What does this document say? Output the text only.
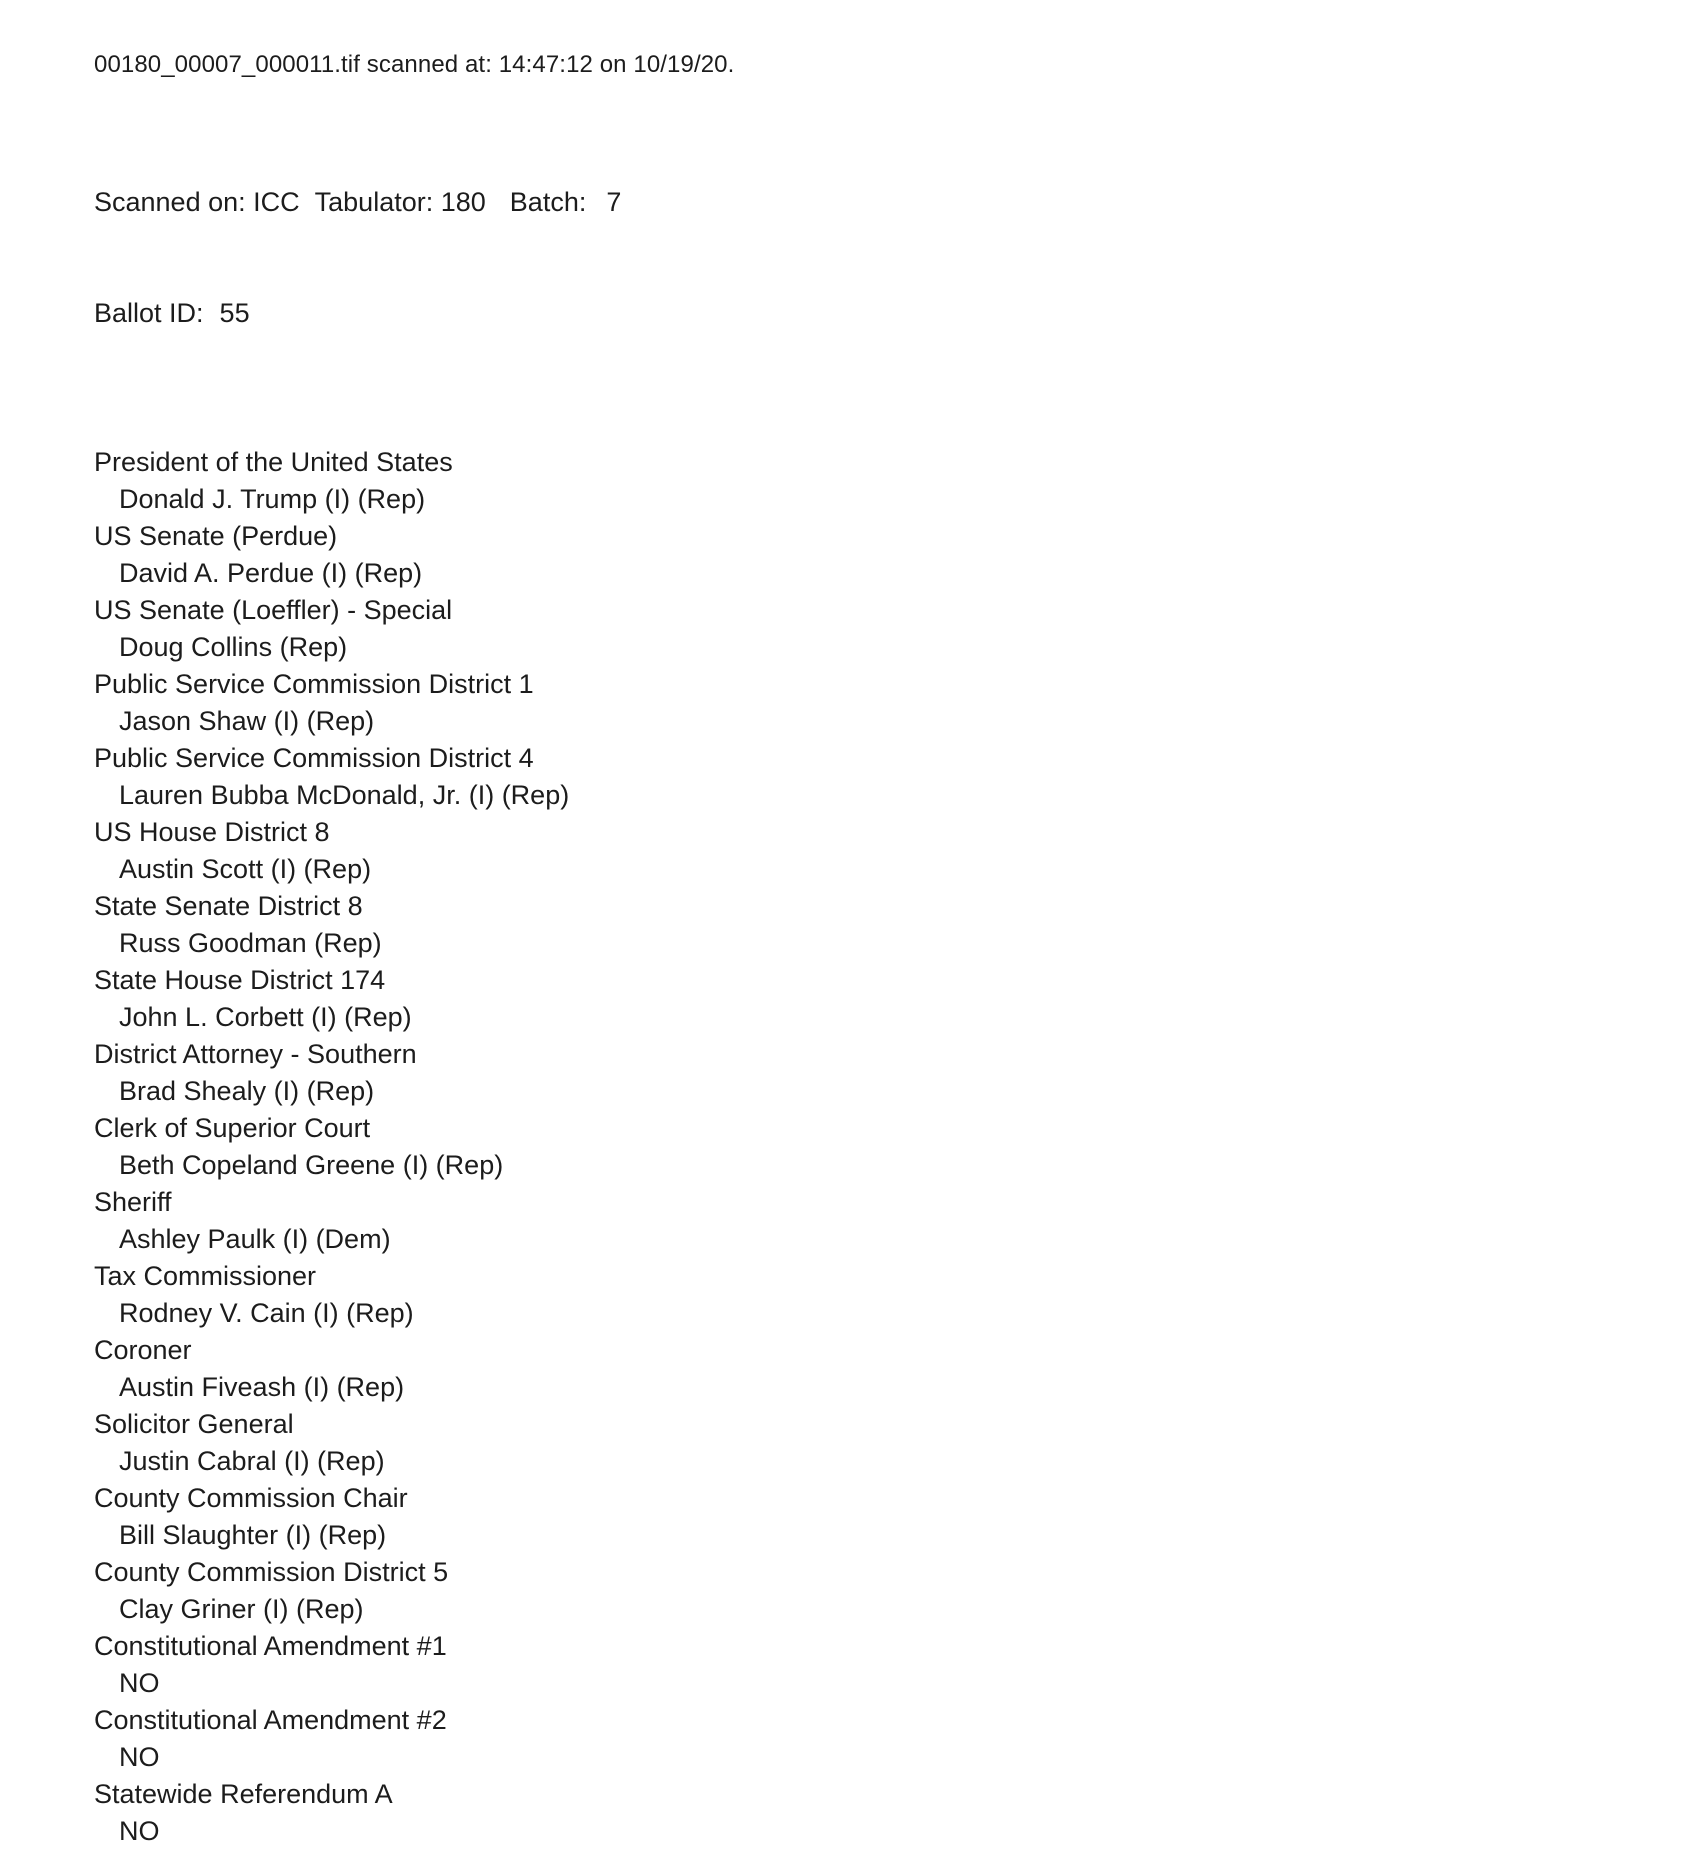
00180_00007_000011.tif scanned at: 14:47:12 on 10/19/20.

Scanned on: ICC Tabulator: 180 Batch: 7

Ballot ID: 55

President of the United States
Donald J. Trump (I) (Rep)
US Senate (Perdue)
David A. Perdue (I) (Rep)
US Senate (Loeffler) - Special
Doug Collins (Rep)
Public Service Commission District 1
Jason Shaw (I) (Rep)
Public Service Commission District 4
Lauren Bubba McDonald, Jr. (I) (Rep)
US House District 8
Austin Scott (I) (Rep)
State Senate District 8
Russ Goodman (Rep)
State House District 174
John L. Corbett (I) (Rep)
District Attorney - Southern
Brad Shealy (I) (Rep)
Clerk of Superior Court
Beth Copeland Greene (I) (Rep)
Sheriff
Ashley Paulk (I) (Dem)
Tax Commissioner
Rodney V. Cain (I) (Rep)
Coroner
Austin Fiveash (I) (Rep)
Solicitor General
Justin Cabral (I) (Rep)
County Commission Chair
Bill Slaughter (I) (Rep)
County Commission District 5
Clay Griner (I) (Rep)
Constitutional Amendment #1
NO
Constitutional Amendment #2
NO
Statewide Referendum A
NO
